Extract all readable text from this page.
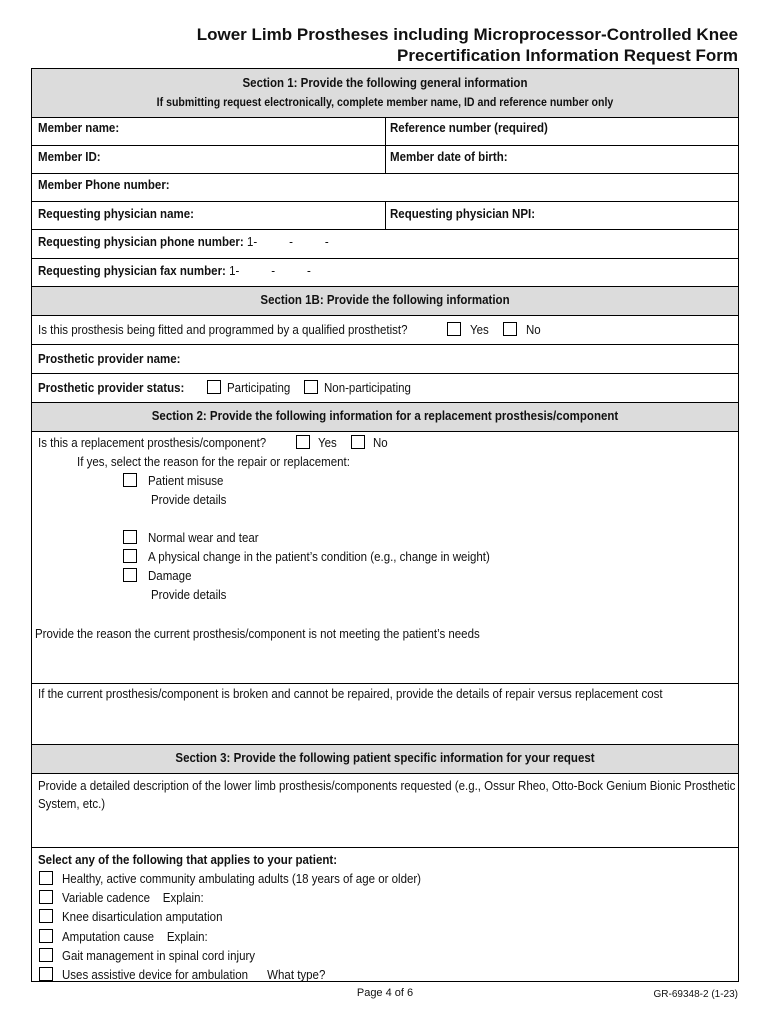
Lower Limb Prostheses including Microprocessor-Controlled Knee
Precertification Information Request Form
Section 1: Provide the following general information
If submitting request electronically, complete member name, ID and reference number only
Member name:	Reference number (required)
Member ID:	Member date of birth:
Member Phone number:
Requesting physician name:	Requesting physician NPI:
Requesting physician phone number: 1-          -          -
Requesting physician fax number: 1-          -          -
Section 1B: Provide the following information
Is this prosthesis being fitted and programmed by a qualified prosthetist?	Yes	No
Prosthetic provider name:
Prosthetic provider status:	Participating	Non-participating
Section 2: Provide the following information for a replacement prosthesis/component
Is this a replacement prosthesis/component?	Yes	No
If yes, select the reason for the repair or replacement:
Patient misuse
Provide details
Normal wear and tear
A physical change in the patient’s condition (e.g., change in weight)
Damage
Provide details
Provide the reason the current prosthesis/component is not meeting the patient’s needs
If the current prosthesis/component is broken and cannot be repaired, provide the details of repair versus replacement cost
Section 3: Provide the following patient specific information for your request
Provide a detailed description of the lower limb prosthesis/components requested (e.g., Ossur Rheo, Otto-Bock Genium Bionic Prosthetic System, etc.)
Select any of the following that applies to your patient:
Healthy, active community ambulating adults (18 years of age or older)
Variable cadence    Explain:
Knee disarticulation amputation
Amputation cause    Explain:
Gait management in spinal cord injury
Uses assistive device for ambulation      What type?
Page 4 of 6	GR-69348-2 (1-23)
